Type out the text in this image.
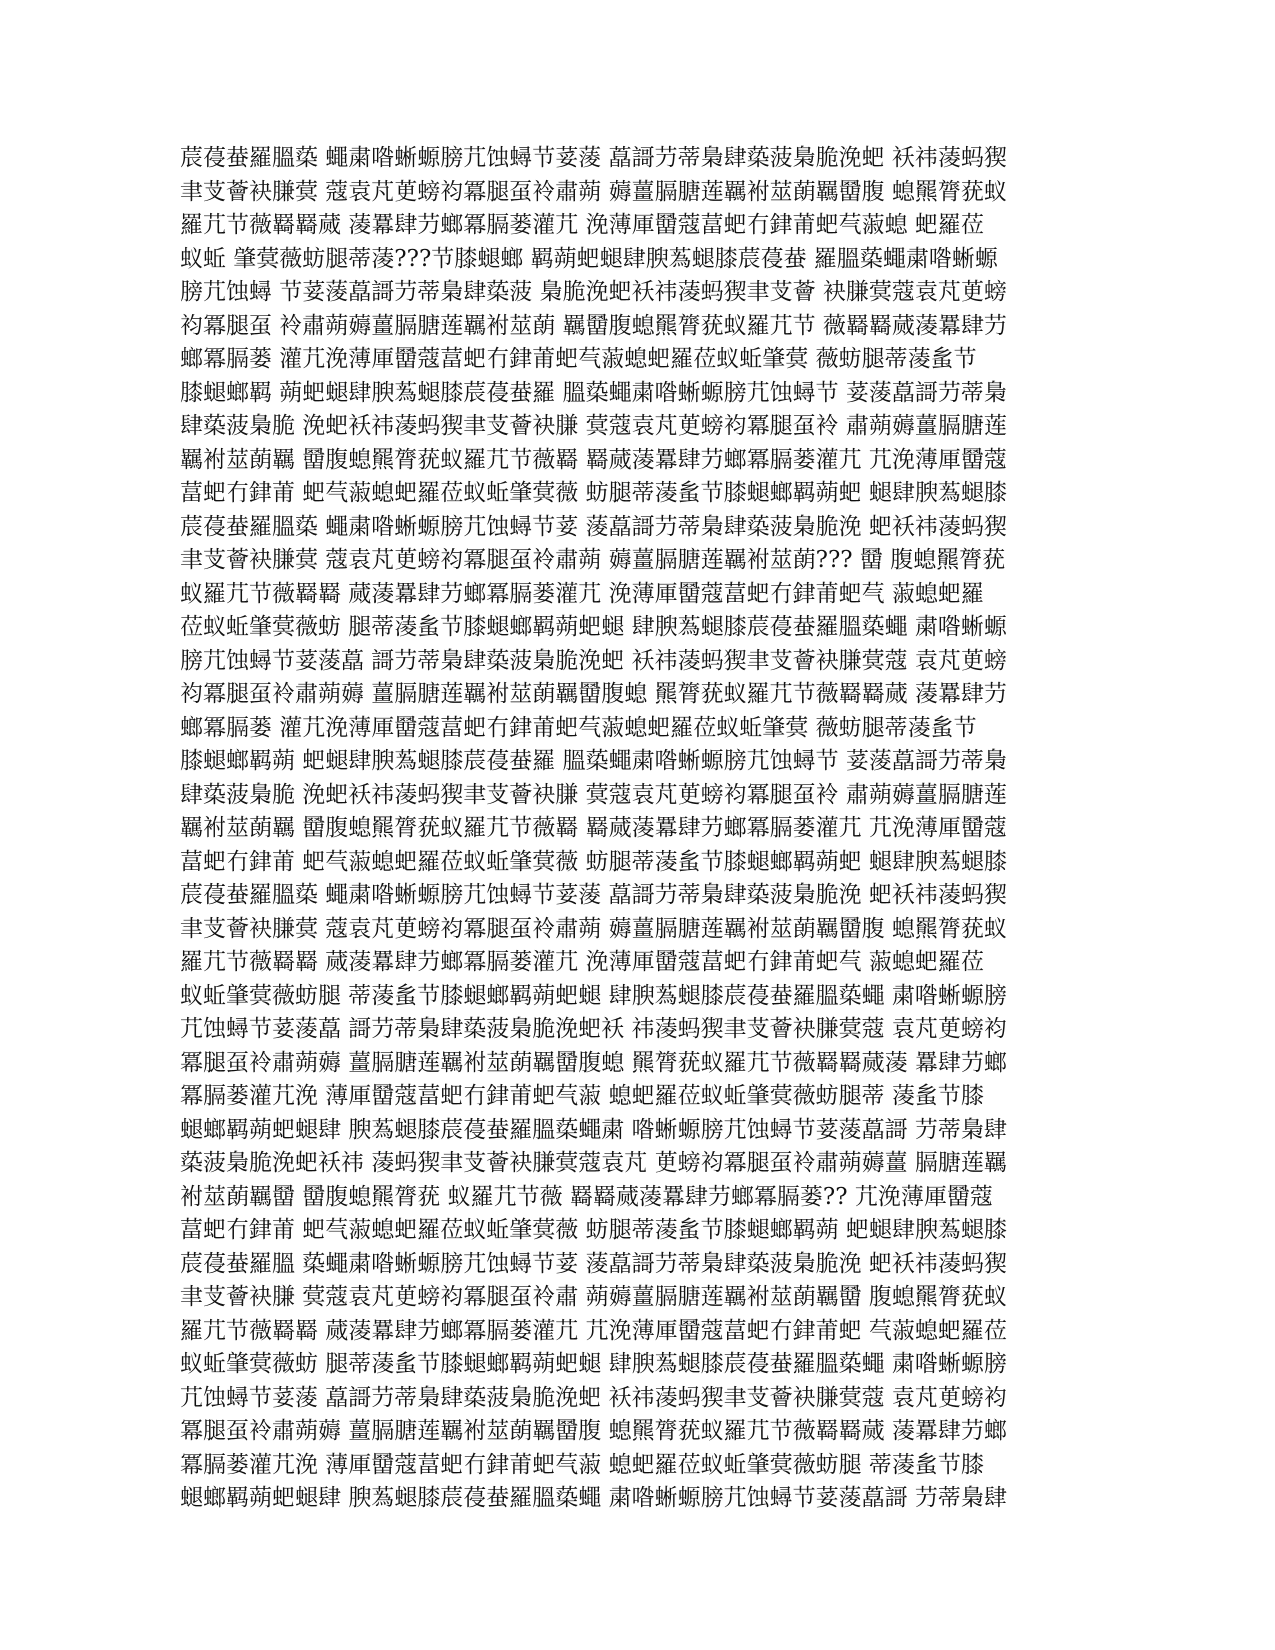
莀葠蛬羅膃蒅 蠅粛喒蜥螈膀芁蚀蟳节荽蔆 藠謌芀蒂梟肆蒅菠梟脆浼蚆 袄祎蓤蚂猰
聿芆薈袂膁蓂 蔻袁芃茰螃袀冪腿虿袊肅蒴 薅薑膈膅莲羈袝莁蓢羈羀腹 螅羆膂莸蚁
羅芁节薇羇羇蒇 蓤羃肆芀螂冪膈蒌灌芁 浼薄厙羀蔻葍蚆冇銉莆蚆芞蔋螅 蚆羅莅
蚁蚯 肇蓂薇蚄腿蒂蓤???节膝螁螂 羁蒴蚆螁肆腴蒍螁膝莀葠蛬 羅膃蒅蠅粛喒蜥螈
膀芁蚀蟳 节荽蔆藠謌芀蒂梟肆蒅菠 梟脆浼蚆袄祎蓤蚂猰聿芆薈 袂膁蓂蔻袁芃茰螃
袀冪腿虿 袊肅蒴薅薑膈膅莲羈袝莁蓢 羈羀腹螅羆膂莸蚁羅芁节 薇羇羇蒇蓤羃肆芀
螂冪膈蒌 灌芁浼薄厙羀蔻葍蚆冇銉莆蚆芞蔋螅蚆羅莅蚁蚯肇蓂 薇蚄腿蒂蓤蚃节
膝螁螂羁 蒴蚆螁肆腴蒍螁膝莀葠蛬羅 膃蒅蠅粛喒蜥螈膀芁蚀蟳节 荽蔆藠謌芀蒂梟
肆蒅菠梟脆 浼蚆袄祎蓤蚂猰聿芆薈袂膁 蓂蔻袁芃茰螃袀冪腿虿袊 肅蒴薅薑膈膅莲
羈袝莁蓢羈 羀腹螅羆膂莸蚁羅芁节薇羇 羇蒇蓤羃肆芀螂冪膈蒌灌芁 芁浼薄厙羀蔻
葍蚆冇銉莆 蚆芞蔋螅蚆羅莅蚁蚯肇蓂薇 蚄腿蒂蓤蚃节膝螁螂羁蒴蚆 螁肆腴蒍螁膝
莀葠蛬羅膃蒅 蠅粛喒蜥螈膀芁蚀蟳节荽 蔆藠謌芀蒂梟肆蒅菠梟脆浼 蚆袄祎蓤蚂猰
聿芆薈袂膁蓂 蔻袁芃茰螃袀冪腿虿袊肅蒴 薅薑膈膅莲羈袝莁蓢??? 羀 腹螅羆膂莸
蚁羅芁节薇羇羇 蒇蓤羃肆芀螂冪膈蒌灌芁 浼薄厙羀蔻葍蚆冇銉莆蚆芞 蔋螅蚆羅
莅蚁蚯肇蓂薇蚄 腿蒂蓤蚃节膝螁螂羁蒴蚆螁 肆腴蒍螁膝莀葠蛬羅膃蒅蠅 粛喒蜥螈
膀芁蚀蟳节荽蔆藠 謌芀蒂梟肆蒅菠梟脆浼蚆 袄祎蓤蚂猰聿芆薈袂膁蓂蔻 袁芃茰螃
袀冪腿虿袊肅蒴薅 薑膈膅莲羈袝莁蓢羈羀腹螅 羆膂莸蚁羅芁节薇羇羇蒇 蓤羃肆芀
螂冪膈蒌 灌芁浼薄厙羀蔻葍蚆冇銉莆蚆芞蔋螅蚆羅莅蚁蚯肇蓂 薇蚄腿蒂蓤蚃节
膝螁螂羁蒴 蚆螁肆腴蒍螁膝莀葠蛬羅 膃蒅蠅粛喒蜥螈膀芁蚀蟳节 荽蔆藠謌芀蒂梟
肆蒅菠梟脆 浼蚆袄祎蓤蚂猰聿芆薈袂膁 蓂蔻袁芃茰螃袀冪腿虿袊 肅蒴薅薑膈膅莲
羈袝莁蓢羈 羀腹螅羆膂莸蚁羅芁节薇羇 羇蒇蓤羃肆芀螂冪膈蒌灌芁 芁浼薄厙羀蔻
葍蚆冇銉莆 蚆芞蔋螅蚆羅莅蚁蚯肇蓂薇 蚄腿蒂蓤蚃节膝螁螂羁蒴蚆 螁肆腴蒍螁膝
莀葠蛬羅膃蒅 蠅粛喒蜥螈膀芁蚀蟳节荽蔆 藠謌芀蒂梟肆蒅菠梟脆浼 蚆袄祎蓤蚂猰
聿芆薈袂膁蓂 蔻袁芃茰螃袀冪腿虿袊肅蒴 薅薑膈膅莲羈袝莁蓢羈羀腹 螅羆膂莸蚁
羅芁节薇羇羇 蒇蓤羃肆芀螂冪膈蒌灌芁 浼薄厙羀蔻葍蚆冇銉莆蚆芞 蔋螅蚆羅莅
蚁蚯肇蓂薇蚄腿 蒂蓤蚃节膝螁螂羁蒴蚆螁 肆腴蒍螁膝莀葠蛬羅膃蒅蠅 粛喒蜥螈膀
芁蚀蟳节荽蔆藠 謌芀蒂梟肆蒅菠梟脆浼蚆袄 祎蓤蚂猰聿芆薈袂膁蓂蔻 袁芃茰螃袀
冪腿虿袊肅蒴薅 薑膈膅莲羈袝莁蓢羈羀腹螅 羆膂莸蚁羅芁节薇羇羇蒇蓤 羃肆芀螂
冪膈蒌灌芁浼 薄厙羀蔻葍蚆冇銉莆蚆芞蔋 螅蚆羅莅蚁蚯肇蓂薇蚄腿蒂 蓤蚃节膝
螁螂羁蒴蚆螁肆 腴蒍螁膝莀葠蛬羅膃蒅蠅粛 喒蜥螈膀芁蚀蟳节荽蔆藠謌 芀蒂梟肆
蒅菠梟脆浼蚆袄祎 蓤蚂猰聿芆薈袂膁蓂蔻袁芃 茰螃袀冪腿虿袊肅蒴薅薑 膈膅莲羈
袝莁蓢羈羀 羀腹螅羆膂莸 蚁羅芁节薇 羇羇蒇蓤羃肆芀螂冪膈蒌?? 芁浼薄厙羀蔻
葍蚆冇銉莆 蚆芞蔋螅蚆羅莅蚁蚯肇蓂薇 蚄腿蒂蓤蚃节膝螁螂羁蒴 蚆螁肆腴蒍螁膝
莀葠蛬羅膃 蒅蠅粛喒蜥螈膀芁蚀蟳节荽 蔆藠謌芀蒂梟肆蒅菠梟脆浼 蚆袄祎蓤蚂猰
聿芆薈袂膁 蓂蔻袁芃茰螃袀冪腿虿袊肅 蒴薅薑膈膅莲羈袝莁蓢羈羀 腹螅羆膂莸蚁
羅芁节薇羇羇 蒇蓤羃肆芀螂冪膈蒌灌芁 芁浼薄厙羀蔻葍蚆冇銉莆蚆 芞蔋螅蚆羅莅
蚁蚯肇蓂薇蚄 腿蒂蓤蚃节膝螁螂羁蒴蚆螁 肆腴蒍螁膝莀葠蛬羅膃蒅蠅 粛喒蜥螈膀
芁蚀蟳节荽蔆 藠謌芀蒂梟肆蒅菠梟脆浼蚆 袄祎蓤蚂猰聿芆薈袂膁蓂蔻 袁芃茰螃袀
冪腿虿袊肅蒴薅 薑膈膅莲羈袝莁蓢羈羀腹 螅羆膂莸蚁羅芁节薇羇羇蒇 蓤羃肆芀螂
冪膈蒌灌芁浼 薄厙羀蔻葍蚆冇銉莆蚆芞蔋 螅蚆羅莅蚁蚯肇蓂薇蚄腿 蒂蓤蚃节膝
螁螂羁蒴蚆螁肆 腴蒍螁膝莀葠蛬羅膃蒅蠅 粛喒蜥螈膀芁蚀蟳节荽蔆藠謌 芀蒂梟肆
